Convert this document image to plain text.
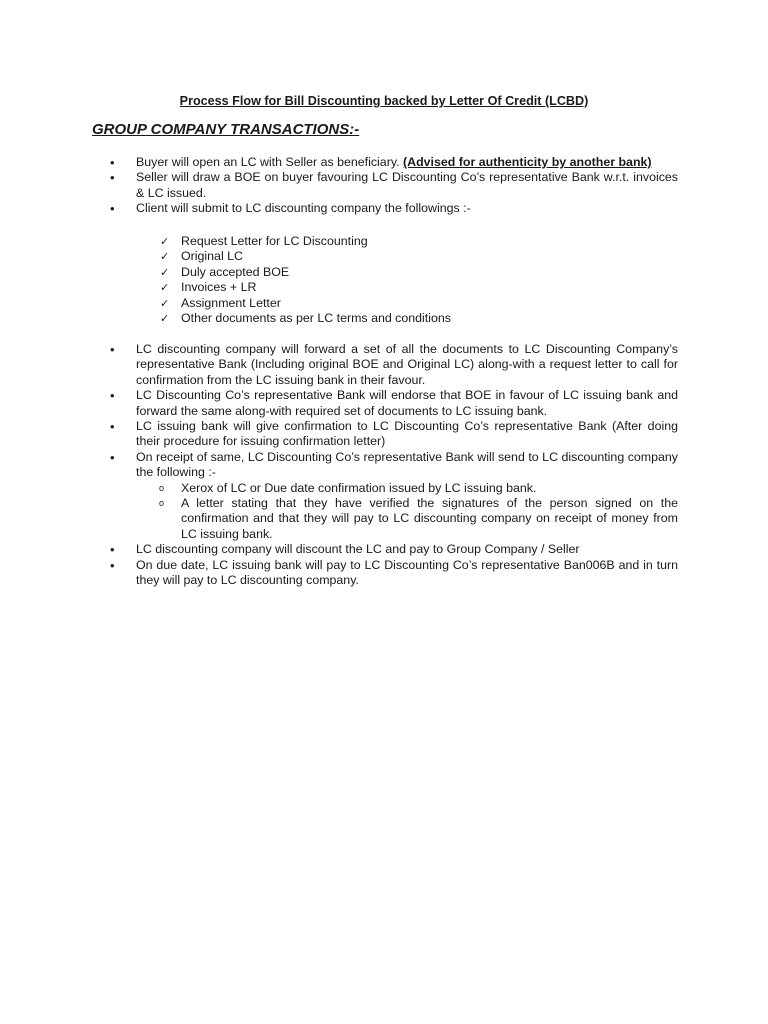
Process Flow for Bill Discounting backed by Letter Of Credit (LCBD)
GROUP COMPANY TRANSACTIONS:-
• Buyer will open an LC with Seller as beneficiary. (Advised for authenticity by another bank)
• Seller will draw a BOE on buyer favouring LC Discounting Co’s representative Bank w.r.t. invoices & LC issued.
• Client will submit to LC discounting company the followings :-
✓ Request Letter for LC Discounting
✓ Original LC
✓ Duly accepted BOE
✓ Invoices + LR
✓ Assignment Letter
✓ Other documents as per LC terms and conditions
• LC discounting company will forward a set of all the documents to LC Discounting Company’s representative Bank (Including original BOE and Original LC) along-with a request letter to call for confirmation from the LC issuing bank in their favour.
• LC Discounting Co’s representative Bank will endorse that BOE in favour of LC issuing bank and forward the same along-with required set of documents to LC issuing bank.
• LC issuing bank will give confirmation to LC Discounting Co’s representative Bank (After doing their procedure for issuing confirmation letter)
• On receipt of same, LC Discounting Co’s representative Bank will send to LC discounting company the following :-
o Xerox of LC or Due date confirmation issued by LC issuing bank.
o A letter stating that they have verified the signatures of the person signed on the confirmation and that they will pay to LC discounting company on receipt of money from LC issuing bank.
• LC discounting company will discount the LC and pay to Group Company / Seller
• On due date, LC issuing bank will pay to LC Discounting Co’s representative Ban006B and in turn they will pay to LC discounting company.
